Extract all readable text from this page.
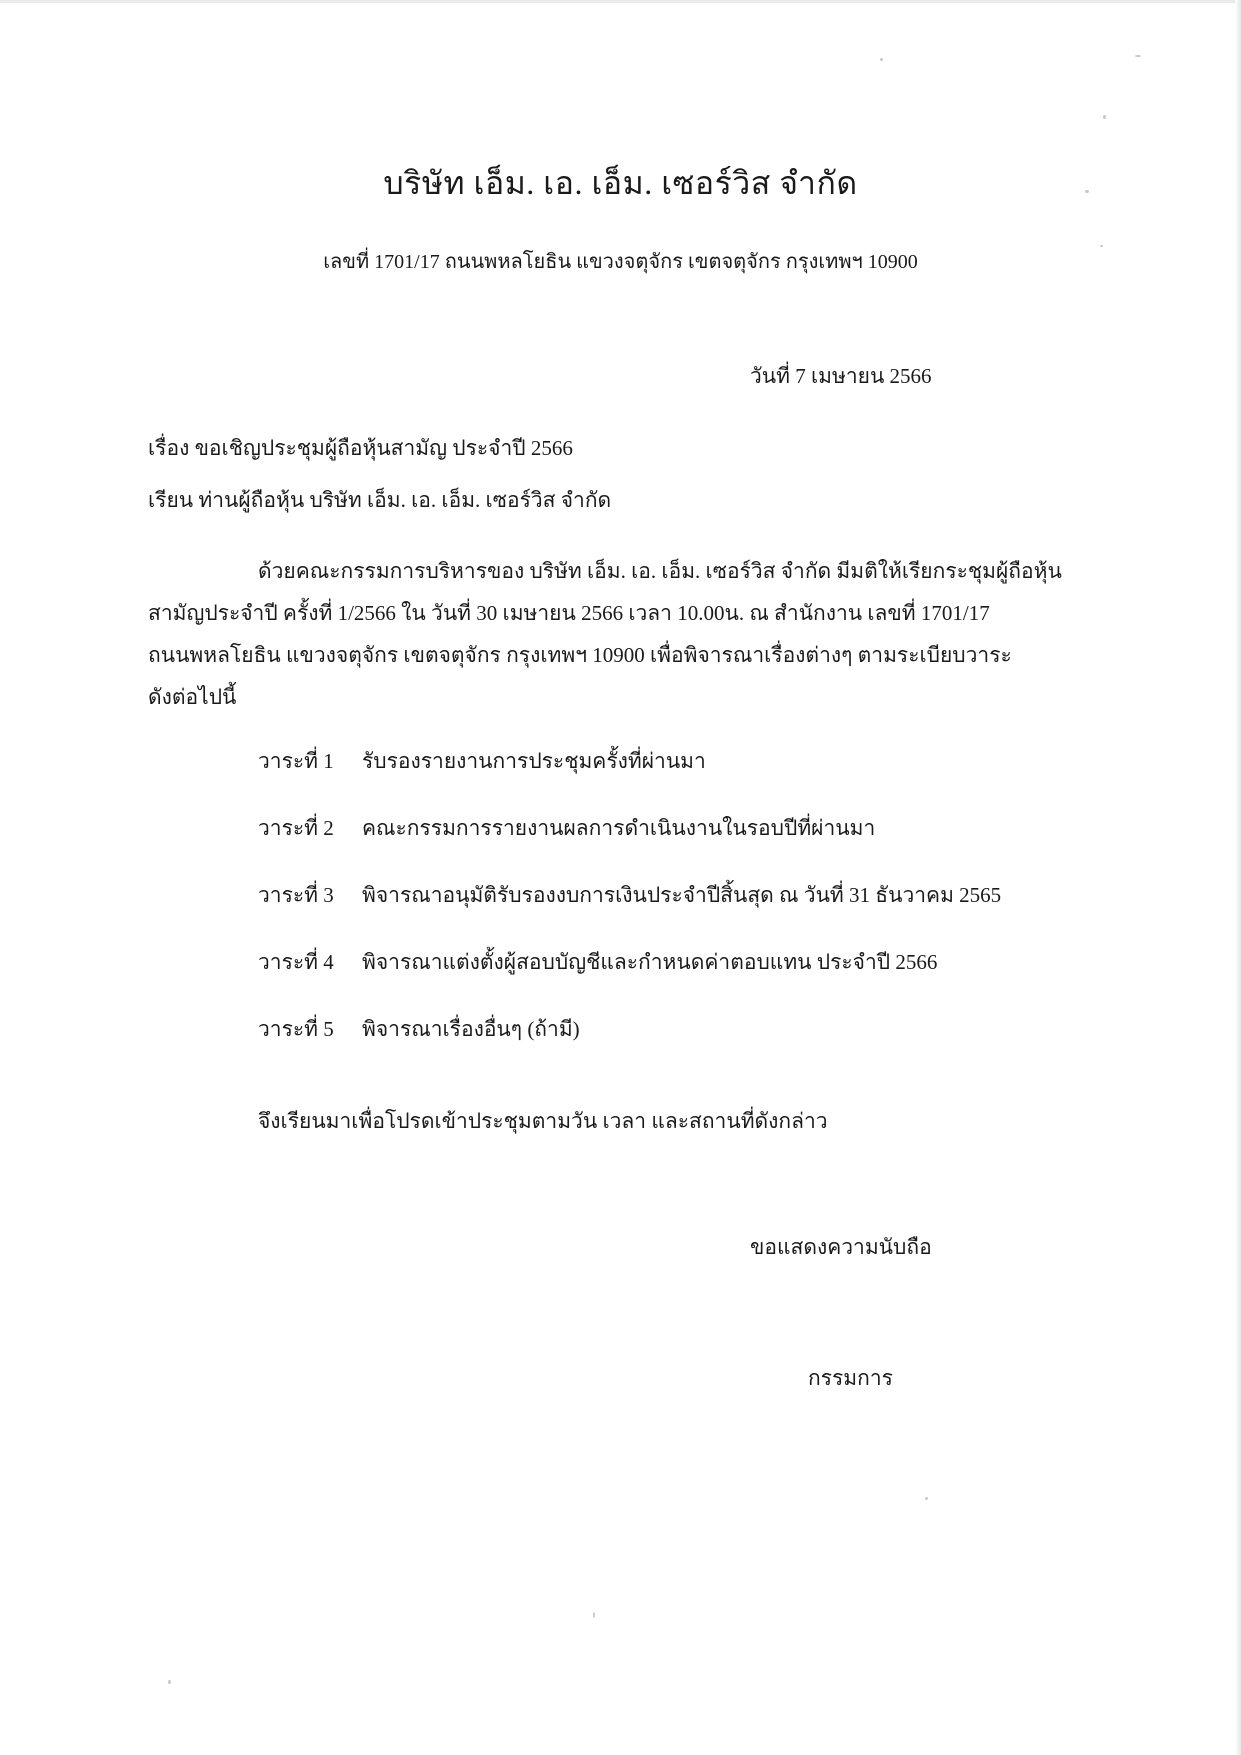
บริษัท เอ็ม. เอ. เอ็ม. เซอร์วิส จำกัด
เลขที่ 1701/17 ถนนพหลโยธิน แขวงจตุจักร เขตจตุจักร กรุงเทพฯ 10900
วันที่ 7 เมษายน 2566
เรื่อง ขอเชิญประชุมผู้ถือหุ้นสามัญ ประจำปี 2566
เรียน ท่านผู้ถือหุ้น บริษัท เอ็ม. เอ. เอ็ม. เซอร์วิส จำกัด
ด้วยคณะกรรมการบริหารของ บริษัท เอ็ม. เอ. เอ็ม. เซอร์วิส จำกัด มีมติให้เรียกระชุมผู้ถือหุ้น
สามัญประจำปี ครั้งที่ 1/2566 ใน วันที่ 30 เมษายน 2566 เวลา 10.00น. ณ สำนักงาน เลขที่ 1701/17
ถนนพหลโยธิน แขวงจตุจักร เขตจตุจักร กรุงเทพฯ 10900 เพื่อพิจารณาเรื่องต่างๆ ตามระเบียบวาระ
ดังต่อไปนี้
วาระที่ 1 รับรองรายงานการประชุมครั้งที่ผ่านมา
วาระที่ 2 คณะกรรมการรายงานผลการดำเนินงานในรอบปีที่ผ่านมา
วาระที่ 3 พิจารณาอนุมัติรับรองงบการเงินประจำปีสิ้นสุด ณ วันที่ 31 ธันวาคม 2565
วาระที่ 4 พิจารณาแต่งตั้งผู้สอบบัญชีและกำหนดค่าตอบแทน ประจำปี 2566
วาระที่ 5 พิจารณาเรื่องอื่นๆ (ถ้ามี)
จึงเรียนมาเพื่อโปรดเข้าประชุมตามวัน เวลา และสถานที่ดังกล่าว
ขอแสดงความนับถือ
กรรมการ
